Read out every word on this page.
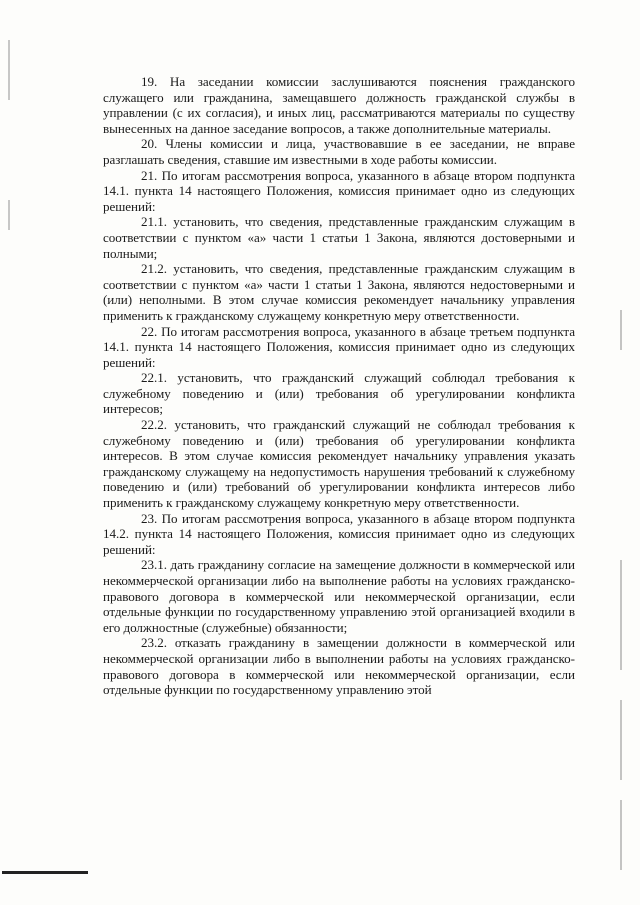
19. На заседании комиссии заслушиваются пояснения гражданского служащего или гражданина, замещавшего должность гражданской службы в управлении (с их согласия), и иных лиц, рассматриваются материалы по существу вынесенных на данное заседание вопросов, а также дополнительные материалы.

20. Члены комиссии и лица, участвовавшие в ее заседании, не вправе разглашать сведения, ставшие им известными в ходе работы комиссии.

21. По итогам рассмотрения вопроса, указанного в абзаце втором подпункта 14.1. пункта 14 настоящего Положения, комиссия принимает одно из следующих решений:

21.1. установить, что сведения, представленные гражданским служащим в соответствии с пунктом «а» части 1 статьи 1 Закона, являются достоверными и полными;

21.2. установить, что сведения, представленные гражданским служащим в соответствии с пунктом «а» части 1 статьи 1 Закона, являются недостоверными и (или) неполными. В этом случае комиссия рекомендует начальнику управления применить к гражданскому служащему конкретную меру ответственности.

22. По итогам рассмотрения вопроса, указанного в абзаце третьем подпункта 14.1. пункта 14 настоящего Положения, комиссия принимает одно из следующих решений:

22.1. установить, что гражданский служащий соблюдал требования к служебному поведению и (или) требования об урегулировании конфликта интересов;

22.2. установить, что гражданский служащий не соблюдал требования к служебному поведению и (или) требования об урегулировании конфликта интересов. В этом случае комиссия рекомендует начальнику управления указать гражданскому служащему на недопустимость нарушения требований к служебному поведению и (или) требований об урегулировании конфликта интересов либо применить к гражданскому служащему конкретную меру ответственности.

23. По итогам рассмотрения вопроса, указанного в абзаце втором подпункта 14.2. пункта 14 настоящего Положения, комиссия принимает одно из следующих решений:

23.1. дать гражданину согласие на замещение должности в коммерческой или некоммерческой организации либо на выполнение работы на условиях гражданско-правового договора в коммерческой или некоммерческой организации, если отдельные функции по государственному управлению этой организацией входили в его должностные (служебные) обязанности;

23.2. отказать гражданину в замещении должности в коммерческой или некоммерческой организации либо в выполнении работы на условиях гражданско-правового договора в коммерческой или некоммерческой организации, если отдельные функции по государственному управлению этой
